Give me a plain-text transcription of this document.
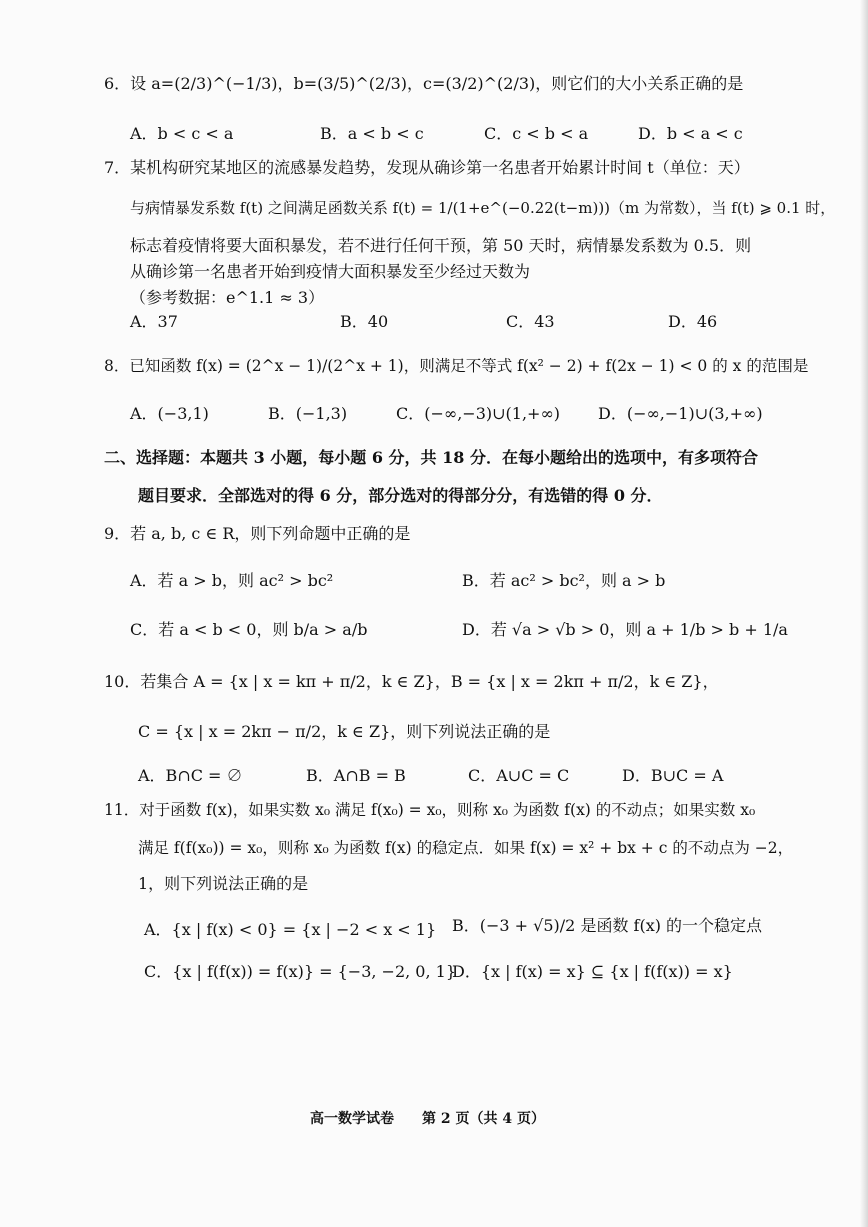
6．设 a=(2/3)^(−1/3)，b=(3/5)^(2/3)，c=(3/2)^(2/3)，则它们的大小关系正确的是
A．b < c < a	B．a < b < c	C．c < b < a	D．b < a < c
7．某机构研究某地区的流感暴发趋势，发现从确诊第一名患者开始累计时间 t（单位：天）
与病情暴发系数 f(t) 之间满足函数关系 f(t) = 1/(1+e^(−0.22(t−m)))（m 为常数），当 f(t) ⩾ 0.1 时，
标志着疫情将要大面积暴发，若不进行任何干预，第 50 天时，病情暴发系数为 0.5．则
从确诊第一名患者开始到疫情大面积暴发至少经过天数为
（参考数据：e^1.1 ≈ 3）
A．37	B．40	C．43	D．46
8．已知函数 f(x) = (2^x − 1)/(2^x + 1)，则满足不等式 f(x² − 2) + f(2x − 1) < 0 的 x 的范围是
A．(−3,1)	B．(−1,3)	C．(−∞,−3)∪(1,+∞) D．(−∞,−1)∪(3,+∞)
二、选择题：本题共 3 小题，每小题 6 分，共 18 分．在每小题给出的选项中，有多项符合
题目要求．全部选对的得 6 分，部分选对的得部分分，有选错的得 0 分．
9．若 a, b, c ∈ R，则下列命题中正确的是
A．若 a > b，则 ac² > bc²	B．若 ac² > bc²，则 a > b
C．若 a < b < 0，则 b/a > a/b	D．若 √a > √b > 0，则 a + 1/b > b + 1/a
10．若集合 A = {x | x = kπ + π/2，k ∈ Z}，B = {x | x = 2kπ + π/2，k ∈ Z}，
C = {x | x = 2kπ − π/2，k ∈ Z}，则下列说法正确的是
A．B∩C = ∅	B．A∩B = B	C．A∪C = C	D．B∪C = A
11．对于函数 f(x)，如果实数 x₀ 满足 f(x₀) = x₀，则称 x₀ 为函数 f(x) 的不动点；如果实数 x₀
满足 f(f(x₀)) = x₀，则称 x₀ 为函数 f(x) 的稳定点．如果 f(x) = x² + bx + c 的不动点为 −2，
1，则下列说法正确的是
A．{x | f(x) < 0} = {x | −2 < x < 1} B．(−3 + √5)/2 是函数 f(x) 的一个稳定点
C．{x | f(f(x)) = f(x)} = {−3, −2, 0, 1}
D．{x | f(x) = x} ⊆ {x | f(f(x)) = x}
高一数学试卷　　第 2 页（共 4 页）
